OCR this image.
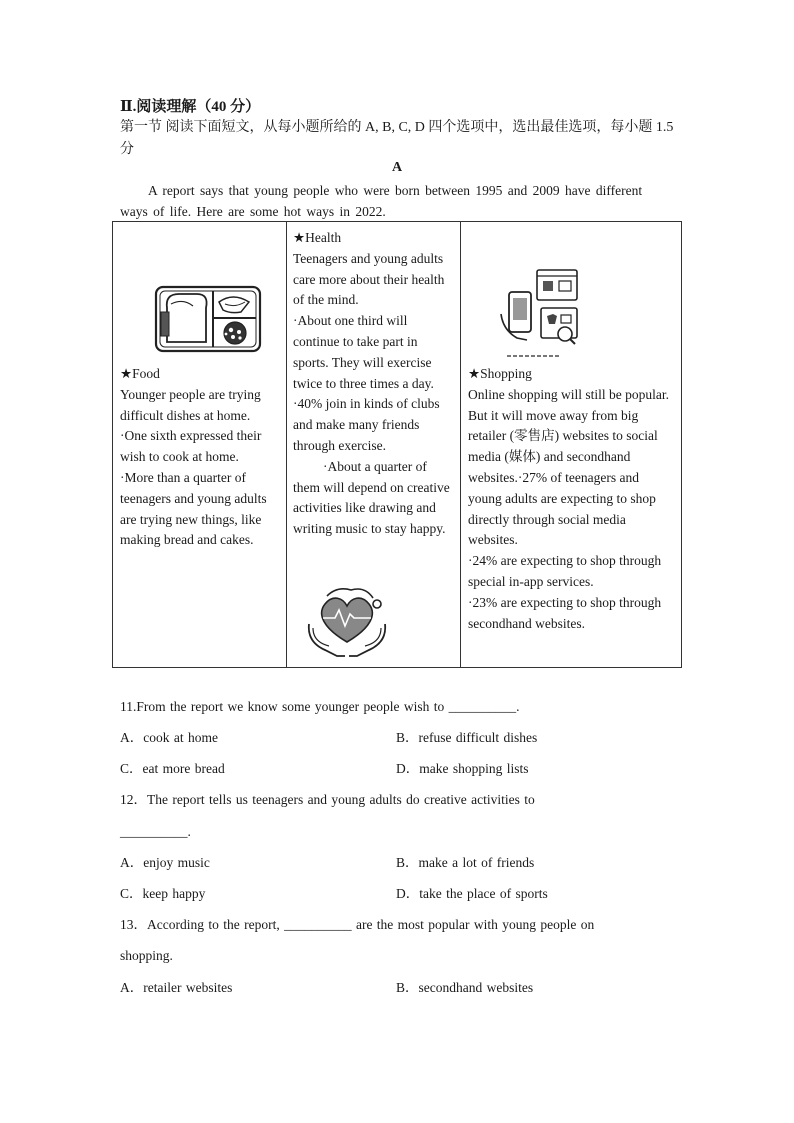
Ⅱ.阅读理解（40 分）
第一节 阅读下面短文，从每小题所给的 A, B, C, D 四个选项中，选出最佳选项，每小题 1.5 分
A
A report says that young people who were born between 1995 and 2009 have different ways of life. Here are some hot ways in 2022.

★Food

Younger people are trying difficult dishes at home.

·One sixth expressed their wish to cook at home.

·More than a quarter of teenagers and young adults are trying new things, like making bread and cakes.

★Health

Teenagers and young adults care more about their health of the mind.

·About one third will continue to take part in sports. They will exercise twice to three times a day.

·40% join in kinds of clubs and make many friends through exercise.

·About a quarter of them will depend on creative activities like drawing and writing music to stay happy.

★Shopping

Online shopping will still be popular. But it will move away from big retailer (零售店) websites to social media (媒体) and secondhand websites.·27% of teenagers and young adults are expecting to shop directly through social media websites.

·24% are expecting to shop through special in-app services.

·23% are expecting to shop through secondhand websites.

11.From the report we know some younger people wish to __________.
A．cook at home	B．refuse difficult dishes
C．eat more bread	D．make shopping lists
12．The report tells us teenagers and young adults do creative activities to
__________.
A．enjoy music	B．make a lot of friends
C．keep happy	D．take the place of sports
13．According to the report, __________ are the most popular with young people on
shopping.
A．retailer websites	B．secondhand websites
